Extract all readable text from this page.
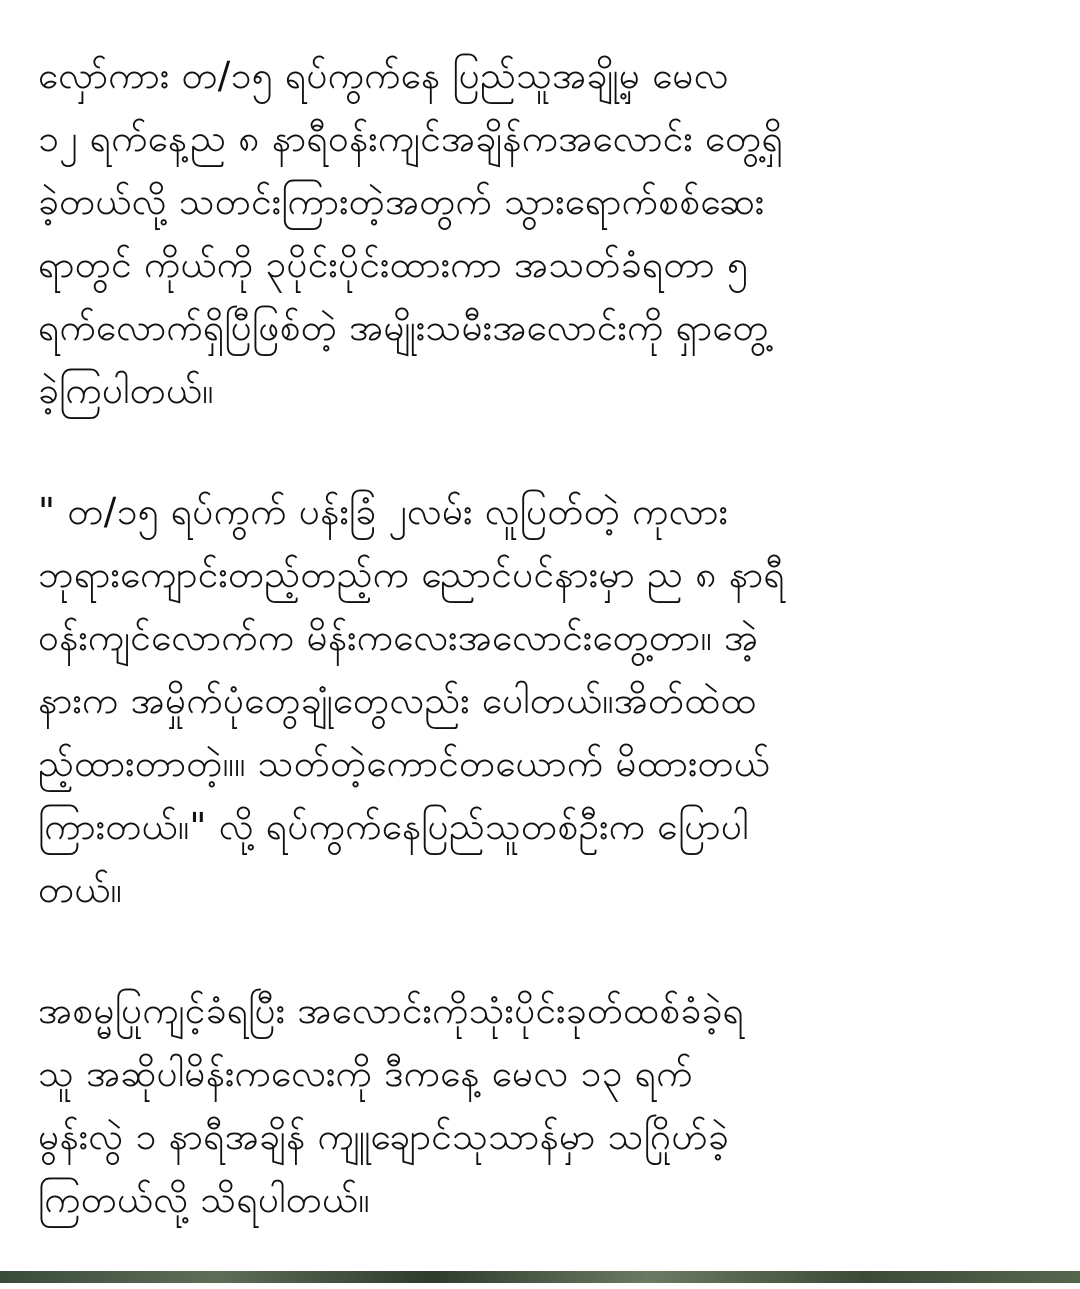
လှော်ကား တ/၁၅ ရပ်ကွက်နေ ပြည်သူအချို့မှ မေလ
၁၂ ရက်နေ့ည ၈ နာရီဝန်းကျင်အချိန်ကအလောင်း တွေ့ရှိ
ခဲ့တယ်လို့ သတင်းကြားတဲ့အတွက် သွားရောက်စစ်ဆေး
ရာတွင် ကိုယ်ကို ၃ပိုင်းပိုင်းထားကာ အသတ်ခံရတာ ၅
ရက်လောက်ရှိပြီဖြစ်တဲ့ အမျိုးသမီးအလောင်းကို ရှာတွေ့
ခဲ့ကြပါတယ်။

" တ/၁၅ ရပ်ကွက် ပန်းခြံ ၂လမ်း လူပြတ်တဲ့ ကုလား
ဘုရားကျောင်းတည့်တည့်က ညောင်ပင်နားမှာ ည ၈ နာရီ
ဝန်းကျင်လောက်က မိန်းကလေးအလောင်းတွေ့တာ။ အဲ့
နားက အမှိုက်ပုံတွေချုံတွေလည်း ပေါတယ်။အိတ်ထဲထ
ည့်ထားတာတဲ့။။ သတ်တဲ့ကောင်တယောက် မိထားတယ်
ကြားတယ်။" လို့ ရပ်ကွက်နေပြည်သူတစ်ဦးက ပြောပါ
တယ်။

အစမ္မပြုကျင့်ခံရပြီး အလောင်းကိုသုံးပိုင်းခုတ်ထစ်ခံခဲ့ရ
သူ အဆိုပါမိန်းကလေးကို ဒီကနေ့ မေလ ၁၃ ရက်
မွန်းလွဲ ၁ နာရီအချိန် ကျူချောင်သုသာန်မှာ သဂြိုဟ်ခဲ့
ကြတယ်လို့ သိရပါတယ်။
